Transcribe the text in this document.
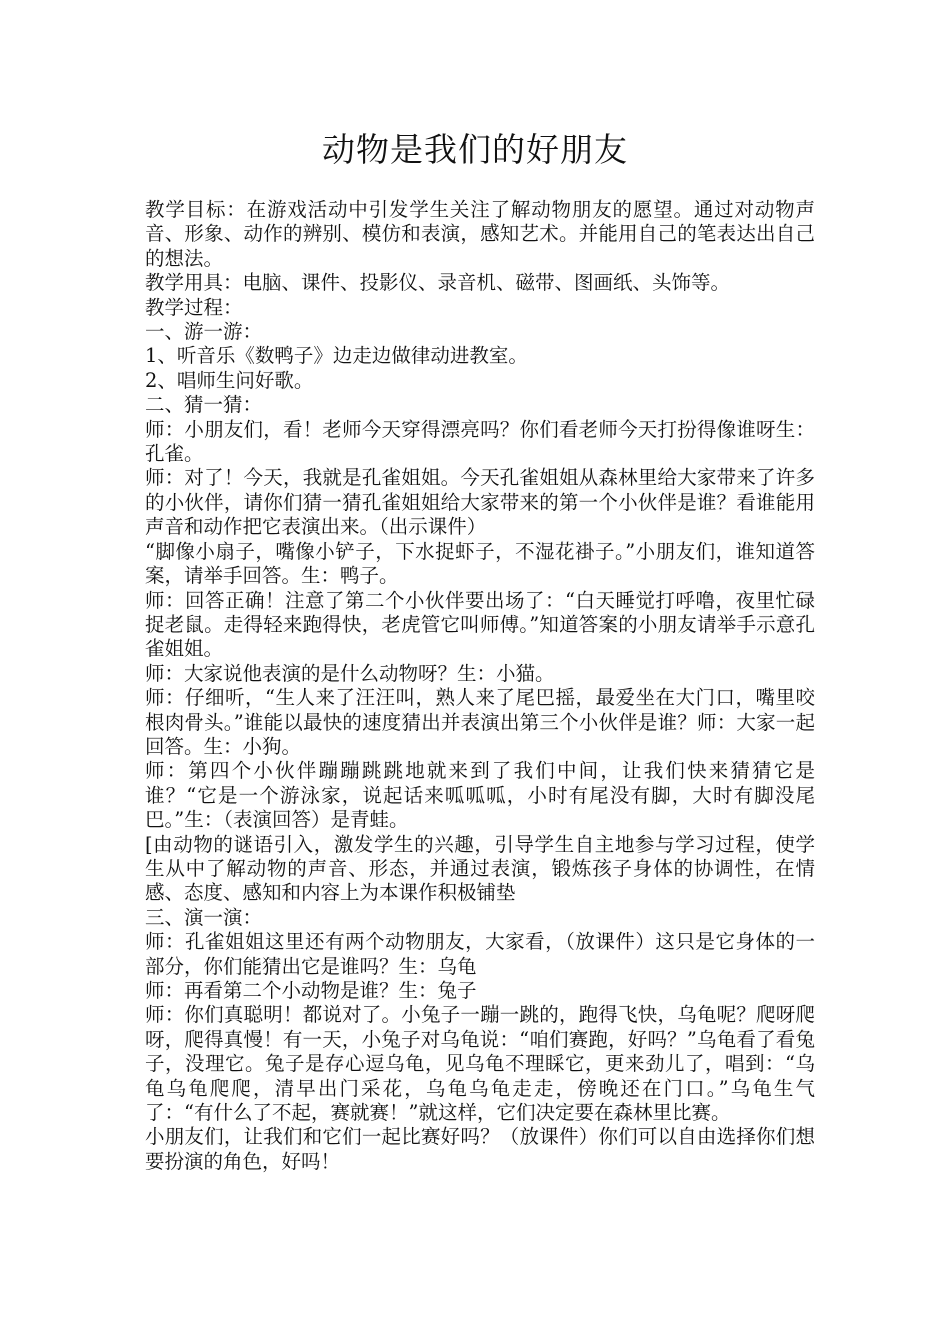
动物是我们的好朋友

教学目标：在游戏活动中引发学生关注了解动物朋友的愿望。通过对动物声音、形象、动作的辨别、模仿和表演，感知艺术。并能用自己的笔表达出自己的想法。

教学用具：电脑、课件、投影仪、录音机、磁带、图画纸、头饰等。

教学过程：

一、游一游：

1、听音乐《数鸭子》边走边做律动进教室。

2、唱师生问好歌。

二、猜一猜：

师：小朋友们，看！老师今天穿得漂亮吗？你们看老师今天打扮得像谁呀生：孔雀。

师：对了！今天，我就是孔雀姐姐。今天孔雀姐姐从森林里给大家带来了许多的小伙伴，请你们猜一猜孔雀姐姐给大家带来的第一个小伙伴是谁？看谁能用声音和动作把它表演出来。（出示课件）

“脚像小扇子，嘴像小铲子，下水捉虾子，不湿花褂子。”小朋友们，谁知道答案，请举手回答。生：鸭子。

师：回答正确！注意了第二个小伙伴要出场了：“白天睡觉打呼噜，夜里忙碌捉老鼠。走得轻来跑得快，老虎管它叫师傅。”知道答案的小朋友请举手示意孔雀姐姐。

师：大家说他表演的是什么动物呀？生：小猫。

师：仔细听，“生人来了汪汪叫，熟人来了尾巴摇，最爱坐在大门口，嘴里咬根肉骨头。”谁能以最快的速度猜出并表演出第三个小伙伴是谁？师：大家一起回答。生：小狗。

师：第四个小伙伴蹦蹦跳跳地就来到了我们中间，让我们快来猜猜它是谁？“它是一个游泳家，说起话来呱呱呱，小时有尾没有脚，大时有脚没尾巴。”生：（表演回答）是青蛙。

[由动物的谜语引入，激发学生的兴趣，引导学生自主地参与学习过程，使学生从中了解动物的声音、形态，并通过表演，锻炼孩子身体的协调性，在情感、态度、感知和内容上为本课作积极铺垫

三、演一演：

师：孔雀姐姐这里还有两个动物朋友，大家看，（放课件）这只是它身体的一部分，你们能猜出它是谁吗？生：乌龟

师：再看第二个小动物是谁？生：兔子

师：你们真聪明！都说对了。小兔子一蹦一跳的，跑得飞快，乌龟呢？爬呀爬呀，爬得真慢！有一天，小兔子对乌龟说：“咱们赛跑，好吗？”乌龟看了看兔子，没理它。兔子是存心逗乌龟，见乌龟不理睬它，更来劲儿了，唱到：“乌龟乌龟爬爬，清早出门采花，乌龟乌龟走走，傍晚还在门口。”乌龟生气了：“有什么了不起，赛就赛！”就这样，它们决定要在森林里比赛。

小朋友们，让我们和它们一起比赛好吗？（放课件）你们可以自由选择你们想要扮演的角色，好吗！
